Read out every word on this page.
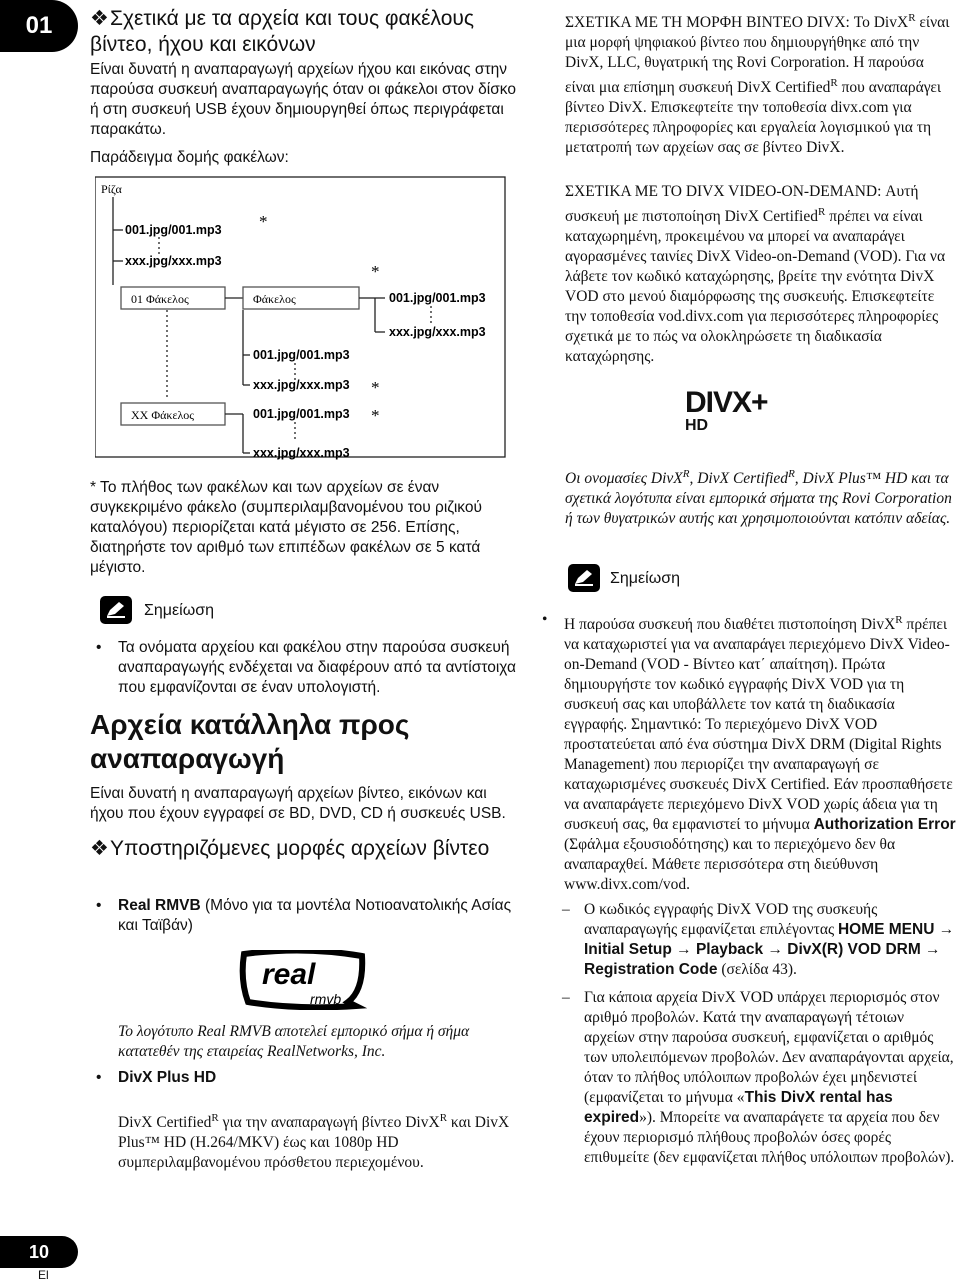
01 ❖Σχετικά με τα αρχεία και τους φακέλους βίντεο, ήχου και εικόνων
Είναι δυνατή η αναπαραγωγή αρχείων ήχου και εικόνας στην παρούσα συσκευή αναπαραγωγής όταν οι φάκελοι στον δίσκο ή στη συσκευή USB έχουν δημιουργηθεί όπως περιγράφεται παρακάτω.
Παράδειγμα δομής φακέλων:
Ρίζα
001.jpg/001.mp3
xxx.jpg/xxx.mp3
*
01 Φάκελος
XX Φάκελος
Φάκελος
*
001.jpg/001.mp3
xxx.jpg/xxx.mp3
001.jpg/001.mp3
xxx.jpg/xxx.mp3 *
001.jpg/001.mp3 *
xxx.jpg/xxx.mp3
* Το πλήθος των φακέλων και των αρχείων σε έναν συγκεκριμένο φάκελο (συμπεριλαμβανομένου του ριζικού καταλόγου) περιορίζεται κατά μέγιστο σε 256. Επίσης, διατηρήστε τον αριθμό των επιπέδων φακέλων σε 5 κατά μέγιστο.
Σημείωση
• Τα ονόματα αρχείου και φακέλου στην παρούσα συσκευή αναπαραγωγής ενδέχεται να διαφέρουν από τα αντίστοιχα που εμφανίζονται σε έναν υπολογιστή.
Αρχεία κατάλληλα προς αναπαραγωγή
Είναι δυνατή η αναπαραγωγή αρχείων βίντεο, εικόνων και ήχου που έχουν εγγραφεί σε BD, DVD, CD ή συσκευές USB.
❖Υποστηριζόμενες μορφές αρχείων βίντεο
• Real RMVB (Μόνο για τα μοντέλα Νοτιοανατολικής Ασίας και Ταϊβάν)
real
rmvb
Το λογότυπο Real RMVB αποτελεί εμπορικό σήμα ή σήμα κατατεθέν της εταιρείας RealNetworks, Inc.
• DivX Plus HD
DivX Certified$^R$ για την αναπαραγωγή βίντεο DivX$^R$ και DivX Plus™ HD (H.264/MKV) έως και 1080p HD συμπεριλαμβανομένου πρόσθετου περιεχομένου.
ΣΧΕΤΙΚΑ ΜΕ ΤΗ ΜΟΡΦΗ ΒΙΝΤΕΟ DIVX: Το DivX$^R$ είναι μια μορφή ψηφιακού βίντεο που δημιουργήθηκε από την DivX, LLC, θυγατρική της Rovi Corporation. Η παρούσα είναι μια επίσημη συσκευή DivX Certified$^R$ που αναπαράγει βίντεο DivX. Επισκεφτείτε την τοποθεσία divx.com για περισσότερες πληροφορίες και εργαλεία λογισμικού για τη μετατροπή των αρχείων σας σε βίντεο DivX.
ΣΧΕΤΙΚΑ ΜΕ ΤΟ DIVX VIDEO-ON-DEMAND: Αυτή συσκευή με πιστοποίηση DivX Certified$^R$ πρέπει να είναι καταχωρημένη, προκειμένου να μπορεί να αναπαράγει αγορασμένες ταινίες DivX Video-on-Demand (VOD). Για να λάβετε τον κωδικό καταχώρησης, βρείτε την ενότητα DivX VOD στο μενού διαμόρφωσης της συσκευής. Επισκεφτείτε την τοποθεσία vod.divx.com για περισσότερες πληροφορίες σχετικά με το πώς να ολοκληρώσετε τη διαδικασία καταχώρησης.
DIVX+
HD
Οι ονομασίες DivX$^R$, DivX Certified$^R$, DivX Plus™ HD και τα σχετικά λογότυπα είναι εμπορικά σήματα της Rovi Corporation ή των θυγατρικών αυτής και χρησιμοποιούνται κατόπιν αδείας.
Σημείωση
• Η παρούσα συσκευή που διαθέτει πιστοποίηση DivX$^R$ πρέπει να καταχωριστεί για να αναπαράγει περιεχόμενο DivX Video-on-Demand (VOD - Βίντεο κατ΄ απαίτηση). Πρώτα δημιουργήστε τον κωδικό εγγραφής DivX VOD για τη συσκευή σας και υποβάλλετε τον κατά τη διαδικασία εγγραφής. Σημαντικό: Το περιεχόμενο DivX VOD προστατεύεται από ένα σύστημα DivX DRM (Digital Rights Management) που περιορίζει την αναπαραγωγή σε καταχωρισμένες συσκευές DivX Certified. Εάν προσπαθήσετε να αναπαράγετε περιεχόμενο DivX VOD χωρίς άδεια για τη συσκευή σας, θα εμφανιστεί το μήνυμα Authorization Error (Σφάλμα εξουσιοδότησης) και το περιεχόμενο δεν θα αναπαραχθεί. Μάθετε περισσότερα στη διεύθυνση www.divx.com/vod.
– Ο κωδικός εγγραφής DivX VOD της συσκευής αναπαραγωγής εμφανίζεται επιλέγοντας HOME MENU → Initial Setup → Playback → DivX(R) VOD DRM → Registration Code (σελίδα 43).
– Για κάποια αρχεία DivX VOD υπάρχει περιορισμός στον αριθμό προβολών. Κατά την αναπαραγωγή τέτοιων αρχείων στην παρούσα συσκευή, εμφανίζεται ο αριθμός των υπολειπόμενων προβολών. Δεν αναπαράγονται αρχεία, όταν το πλήθος υπόλοιπων προβολών έχει μηδενιστεί (εμφανίζεται το μήνυμα «This DivX rental has expired»). Μπορείτε να αναπαράγετε τα αρχεία που δεν έχουν περιορισμό πλήθους προβολών όσες φορές επιθυμείτε (δεν εμφανίζεται πλήθος υπόλοιπων προβολών).
10
El
